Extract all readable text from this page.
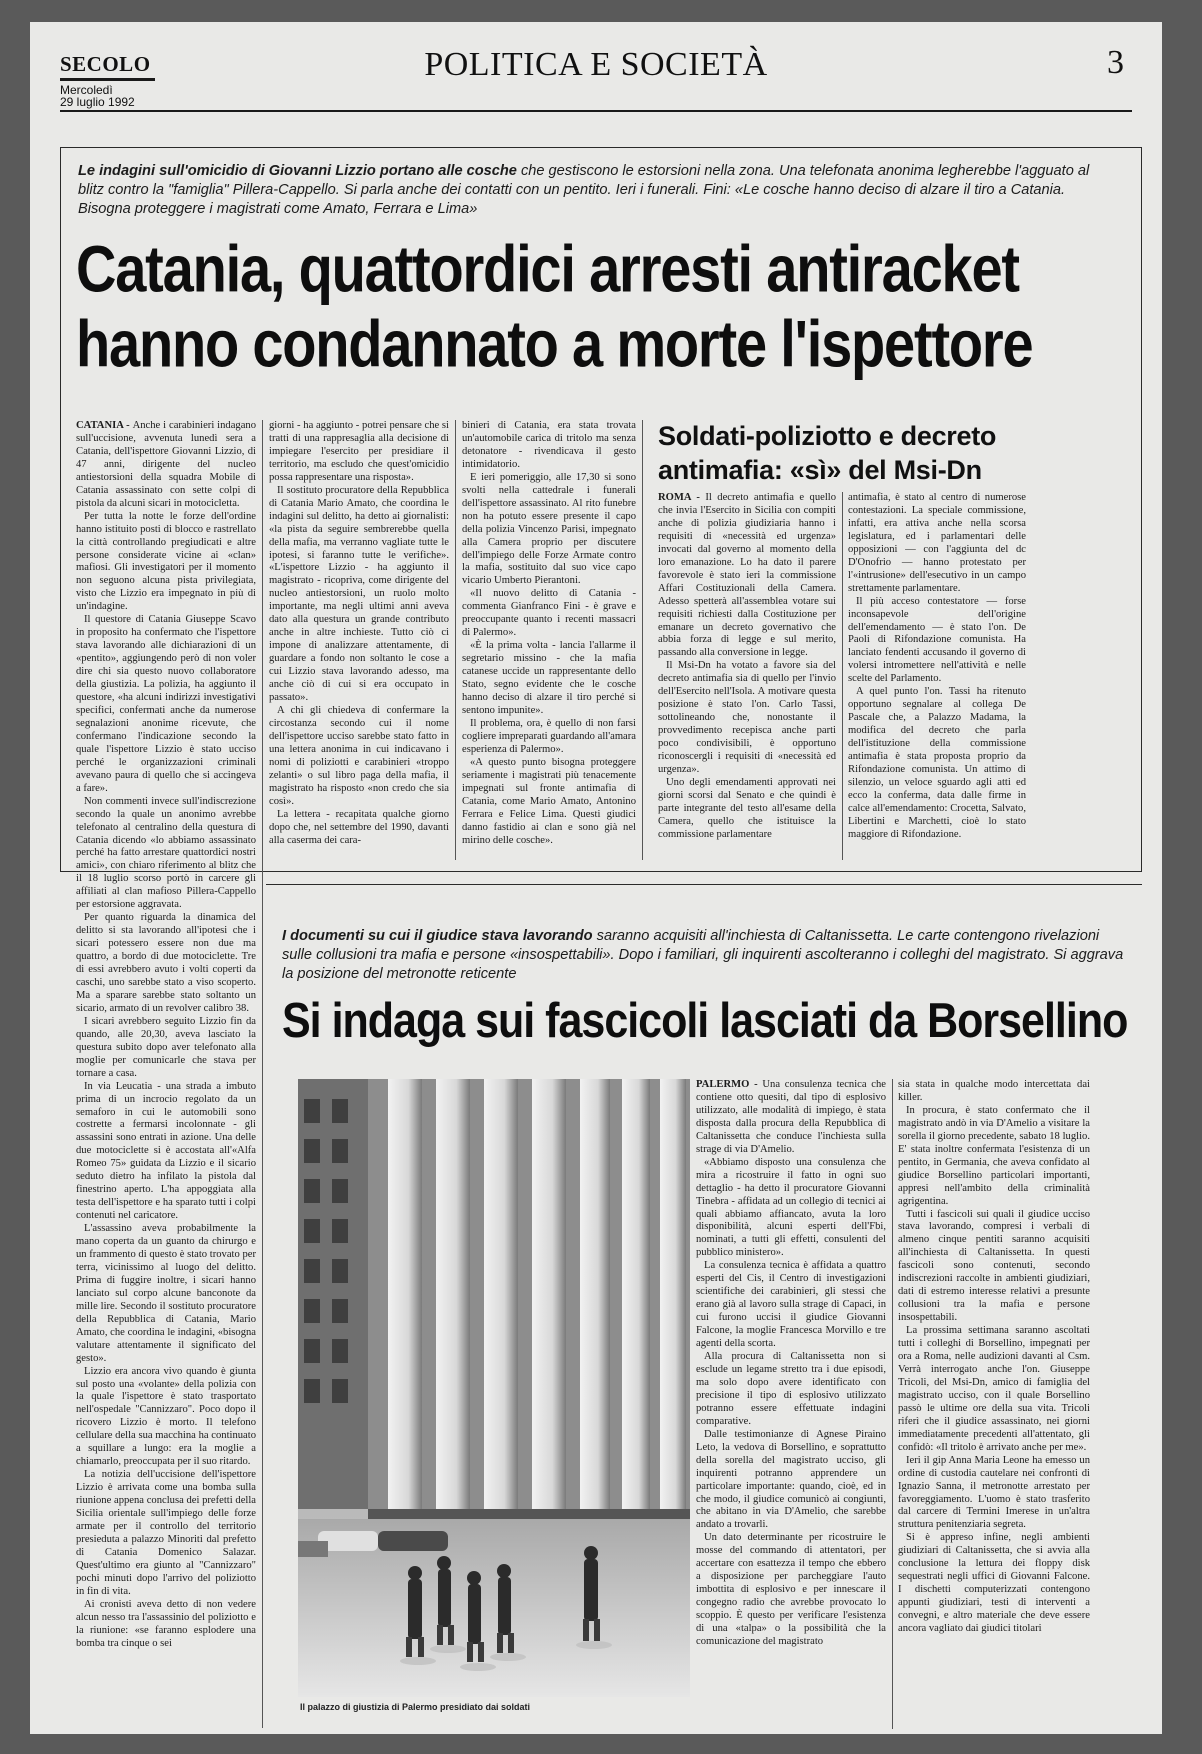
SECOLO
Mercoledì
29 luglio 1992
POLITICA E SOCIETÀ	3
Le indagini sull'omicidio di Giovanni Lizzio portano alle cosche che gestiscono le estorsioni nella zona. Una telefonata anonima legherebbe l'agguato al blitz contro la "famiglia" Pillera-Cappello. Si parla anche dei contatti con un pentito. Ieri i funerali. Fini: «Le cosche hanno deciso di alzare il tiro a Catania. Bisogna proteggere i magistrati come Amato, Ferrara e Lima»
Catania, quattordici arresti antiracket
hanno condannato a morte l'ispettore

CATANIA - Anche i carabinieri indagano sull'uccisione, avvenuta lunedì sera a Catania, dell'ispettore Giovanni Lizzio, di 47 anni, dirigente del nucleo antiestorsioni della squadra Mobile di Catania assassinato con sette colpi di pistola da alcuni sicari in motocicletta.

Per tutta la notte le forze dell'ordine hanno istituito posti di blocco e rastrellato la città controllando pregiudicati e altre persone considerate vicine ai «clan» mafiosi. Gli investigatori per il momento non seguono alcuna pista privilegiata, visto che Lizzio era impegnato in più di un'indagine.

Il questore di Catania Giuseppe Scavo in proposito ha confermato che l'ispettore stava lavorando alle dichiarazioni di un «pentito», aggiungendo però di non voler dire chi sia questo nuovo collaboratore della giustizia. La polizia, ha aggiunto il questore, «ha alcuni indirizzi investigativi specifici, confermati anche da numerose segnalazioni anonime ricevute, che confermano l'indicazione secondo la quale l'ispettore Lizzio è stato ucciso perché le organizzazioni criminali avevano paura di quello che si accingeva a fare».

Non commenti invece sull'indiscrezione secondo la quale un anonimo avrebbe telefonato al centralino della questura di Catania dicendo «lo abbiamo assassinato perché ha fatto arrestare quattordici nostri amici», con chiaro riferimento al blitz che il 18 luglio scorso portò in carcere gli affiliati al clan mafioso Pillera-Cappello per estorsione aggravata.

Per quanto riguarda la dinamica del delitto si sta lavorando all'ipotesi che i sicari potessero essere non due ma quattro, a bordo di due motociclette. Tre di essi avrebbero avuto i volti coperti da caschi, uno sarebbe stato a viso scoperto. Ma a sparare sarebbe stato soltanto un sicario, armato di un revolver calibro 38.

I sicari avrebbero seguito Lizzio fin da quando, alle 20,30, aveva lasciato la questura subito dopo aver telefonato alla moglie per comunicarle che stava per tornare a casa.

In via Leucatia - una strada a imbuto prima di un incrocio regolato da un semaforo in cui le automobili sono costrette a fermarsi incolonnate - gli assassini sono entrati in azione. Una delle due motociclette si è accostata all'«Alfa Romeo 75» guidata da Lizzio e il sicario seduto dietro ha infilato la pistola dal finestrino aperto. L'ha appoggiata alla testa dell'ispettore e ha sparato tutti i colpi contenuti nel caricatore.

L'assassino aveva probabilmente la mano coperta da un guanto da chirurgo e un frammento di questo è stato trovato per terra, vicinissimo al luogo del delitto. Prima di fuggire inoltre, i sicari hanno lanciato sul corpo alcune banconote da mille lire. Secondo il sostituto procuratore della Repubblica di Catania, Mario Amato, che coordina le indagini, «bisogna valutare attentamente il significato del gesto».

Lizzio era ancora vivo quando è giunta sul posto una «volante» della polizia con la quale l'ispettore è stato trasportato nell'ospedale "Cannizzaro". Poco dopo il ricovero Lizzio è morto. Il telefono cellulare della sua macchina ha continuato a squillare a lungo: era la moglie a chiamarlo, preoccupata per il suo ritardo.

La notizia dell'uccisione dell'ispettore Lizzio è arrivata come una bomba sulla riunione appena conclusa dei prefetti della Sicilia orientale sull'impiego delle forze armate per il controllo del territorio presieduta a palazzo Minoriti dal prefetto di Catania Domenico Salazar. Quest'ultimo era giunto al "Cannizzaro" pochi minuti dopo l'arrivo del poliziotto in fin di vita.

Ai cronisti aveva detto di non vedere alcun nesso tra l'assassinio del poliziotto e la riunione: «se faranno esplodere una bomba tra cinque o sei

giorni - ha aggiunto - potrei pensare che si tratti di una rappresaglia alla decisione di impiegare l'esercito per presidiare il territorio, ma escludo che quest'omicidio possa rappresentare una risposta».

Il sostituto procuratore della Repubblica di Catania Mario Amato, che coordina le indagini sul delitto, ha detto ai giornalisti: «la pista da seguire sembrerebbe quella della mafia, ma verranno vagliate tutte le ipotesi, si faranno tutte le verifiche». «L'ispettore Lizzio - ha aggiunto il magistrato - ricopriva, come dirigente del nucleo antiestorsioni, un ruolo molto importante, ma negli ultimi anni aveva dato alla questura un grande contributo anche in altre inchieste. Tutto ciò ci impone di analizzare attentamente, di guardare a fondo non soltanto le cose a cui Lizzio stava lavorando adesso, ma anche ciò di cui si era occupato in passato».

A chi gli chiedeva di confermare la circostanza secondo cui il nome dell'ispettore ucciso sarebbe stato fatto in una lettera anonima in cui indicavano i nomi di poliziotti e carabinieri «troppo zelanti» o sul libro paga della mafia, il magistrato ha risposto «non credo che sia così».

La lettera - recapitata qualche giorno dopo che, nel settembre del 1990, davanti alla caserma dei cara-

binieri di Catania, era stata trovata un'automobile carica di tritolo ma senza detonatore - rivendicava il gesto intimidatorio.

E ieri pomeriggio, alle 17,30 si sono svolti nella cattedrale i funerali dell'ispettore assassinato. Al rito funebre non ha potuto essere presente il capo della polizia Vincenzo Parisi, impegnato alla Camera proprio per discutere dell'impiego delle Forze Armate contro la mafia, sostituito dal suo vice capo vicario Umberto Pierantoni.

«Il nuovo delitto di Catania - commenta Gianfranco Fini - è grave e preoccupante quanto i recenti massacri di Palermo».

«È la prima volta - lancia l'allarme il segretario missino - che la mafia catanese uccide un rappresentante dello Stato, segno evidente che le cosche hanno deciso di alzare il tiro perché si sentono impunite».

Il problema, ora, è quello di non farsi cogliere impreparati guardando all'amara esperienza di Palermo».

«A questo punto bisogna proteggere seriamente i magistrati più tenacemente impegnati sul fronte antimafia di Catania, come Mario Amato, Antonino Ferrara e Felice Lima. Questi giudici danno fastidio ai clan e sono già nel mirino delle cosche».

Soldati-poliziotto e decreto
antimafia: «sì» del Msi-Dn

ROMA - Il decreto antimafia e quello che invia l'Esercito in Sicilia con compiti anche di polizia giudiziaria hanno i requisiti di «necessità ed urgenza» invocati dal governo al momento della loro emanazione. Lo ha dato il parere favorevole è stato ieri la commissione Affari Costituzionali della Camera. Adesso spetterà all'assemblea votare sui requisiti richiesti dalla Costituzione per emanare un decreto governativo che abbia forza di legge e sul merito, passando alla conversione in legge.

Il Msi-Dn ha votato a favore sia del decreto antimafia sia di quello per l'invio dell'Esercito nell'Isola. A motivare questa posizione è stato l'on. Carlo Tassi, sottolineando che, nonostante il provvedimento recepisca anche parti poco condivisibili, è opportuno riconoscergli i requisiti di «necessità ed urgenza».

Uno degli emendamenti approvati nei giorni scorsi dal Senato e che quindi è parte integrante del testo all'esame della Camera, quello che istituisce la commissione parlamentare

antimafia, è stato al centro di numerose contestazioni. La speciale commissione, infatti, era attiva anche nella scorsa legislatura, ed i parlamentari delle opposizioni — con l'aggiunta del dc D'Onofrio — hanno protestato per l'«intrusione» dell'esecutivo in un campo strettamente parlamentare.

Il più acceso contestatore — forse inconsapevole dell'origine dell'emendamento — è stato l'on. De Paoli di Rifondazione comunista. Ha lanciato fendenti accusando il governo di volersi intromettere nell'attività e nelle scelte del Parlamento.

A quel punto l'on. Tassi ha ritenuto opportuno segnalare al collega De Pascale che, a Palazzo Madama, la modifica del decreto che parla dell'istituzione della commissione antimafia è stata proposta proprio da Rifondazione comunista. Un attimo di silenzio, un veloce sguardo agli atti ed ecco la conferma, data dalle firme in calce all'emendamento: Crocetta, Salvato, Libertini e Marchetti, cioè lo stato maggiore di Rifondazione.

I documenti su cui il giudice stava lavorando saranno acquisiti all'inchiesta di Caltanissetta. Le carte contengono rivelazioni sulle collusioni tra mafia e persone «insospettabili». Dopo i familiari, gli inquirenti ascolteranno i colleghi del magistrato. Si aggrava la posizione del metronotte reticente
Si indaga sui fascicoli lasciati da Borsellino
Il palazzo di giustizia di Palermo presidiato dai soldati

PALERMO - Una consulenza tecnica che contiene otto quesiti, dal tipo di esplosivo utilizzato, alle modalità di impiego, è stata disposta dalla procura della Repubblica di Caltanissetta che conduce l'inchiesta sulla strage di via D'Amelio.

«Abbiamo disposto una consulenza che mira a ricostruire il fatto in ogni suo dettaglio - ha detto il procuratore Giovanni Tinebra - affidata ad un collegio di tecnici ai quali abbiamo affiancato, avuta la loro disponibilità, alcuni esperti dell'Fbi, nominati, a tutti gli effetti, consulenti del pubblico ministero».

La consulenza tecnica è affidata a quattro esperti del Cis, il Centro di investigazioni scientifiche dei carabinieri, gli stessi che erano già al lavoro sulla strage di Capaci, in cui furono uccisi il giudice Giovanni Falcone, la moglie Francesca Morvillo e tre agenti della scorta.

Alla procura di Caltanissetta non si esclude un legame stretto tra i due episodi, ma solo dopo avere identificato con precisione il tipo di esplosivo utilizzato potranno essere effettuate indagini comparative.

Dalle testimonianze di Agnese Piraino Leto, la vedova di Borsellino, e soprattutto della sorella del magistrato ucciso, gli inquirenti potranno apprendere un particolare importante: quando, cioè, ed in che modo, il giudice comunicò ai congiunti, che abitano in via D'Amelio, che sarebbe andato a trovarli.

Un dato determinante per ricostruire le mosse del commando di attentatori, per accertare con esattezza il tempo che ebbero a disposizione per parcheggiare l'auto imbottita di esplosivo e per innescare il congegno radio che avrebbe provocato lo scoppio. È questo per verificare l'esistenza di una «talpa» o la possibilità che la comunicazione del magistrato

sia stata in qualche modo intercettata dai killer.

In procura, è stato confermato che il magistrato andò in via D'Amelio a visitare la sorella il giorno precedente, sabato 18 luglio. E' stata inoltre confermata l'esistenza di un pentito, in Germania, che aveva confidato al giudice Borsellino particolari importanti, appresi nell'ambito della criminalità agrigentina.

Tutti i fascicoli sui quali il giudice ucciso stava lavorando, compresi i verbali di almeno cinque pentiti saranno acquisiti all'inchiesta di Caltanissetta. In questi fascicoli sono contenuti, secondo indiscrezioni raccolte in ambienti giudiziari, dati di estremo interesse relativi a presunte collusioni tra la mafia e persone insospettabili.

La prossima settimana saranno ascoltati tutti i colleghi di Borsellino, impegnati per ora a Roma, nelle audizioni davanti al Csm. Verrà interrogato anche l'on. Giuseppe Tricoli, del Msi-Dn, amico di famiglia del magistrato ucciso, con il quale Borsellino passò le ultime ore della sua vita. Tricoli riferì che il giudice assassinato, nei giorni immediatamente precedenti all'attentato, gli confidò: «Il tritolo è arrivato anche per me».

Ieri il gip Anna Maria Leone ha emesso un ordine di custodia cautelare nei confronti di Ignazio Sanna, il metronotte arrestato per favoreggiamento. L'uomo è stato trasferito dal carcere di Termini Imerese in un'altra struttura penitenziaria segreta.

Si è appreso infine, negli ambienti giudiziari di Caltanissetta, che si avvia alla conclusione la lettura dei floppy disk sequestrati negli uffici di Giovanni Falcone. I dischetti computerizzati contengono appunti giudiziari, testi di interventi a convegni, e altro materiale che deve essere ancora vagliato dai giudici titolari
